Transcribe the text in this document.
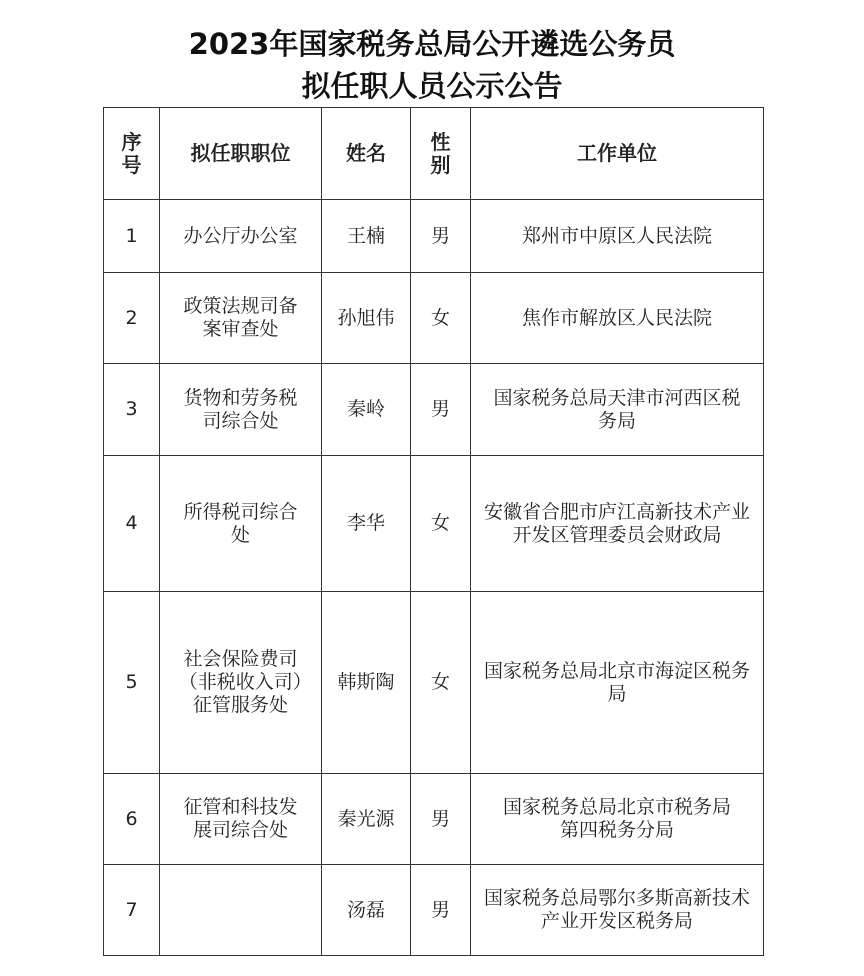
2023年国家税务总局公开遴选公务员
拟任职人员公示公告
序号	拟任职职位	姓名	性别	工作单位
1	办公厅办公室	王楠	男	郑州市中原区人民法院
2	政策法规司备案审查处	孙旭伟	女	焦作市解放区人民法院
3	货物和劳务税司综合处	秦岭	男	国家税务总局天津市河西区税务局
4	所得税司综合处	李华	女	安徽省合肥市庐江高新技术产业开发区管理委员会财政局
5	社会保险费司（非税收入司）征管服务处	韩斯陶	女	国家税务总局北京市海淀区税务局
6	征管和科技发展司综合处	秦光源	男	国家税务总局北京市税务局第四税务分局
7		汤磊	男	国家税务总局鄂尔多斯高新技术产业开发区税务局
